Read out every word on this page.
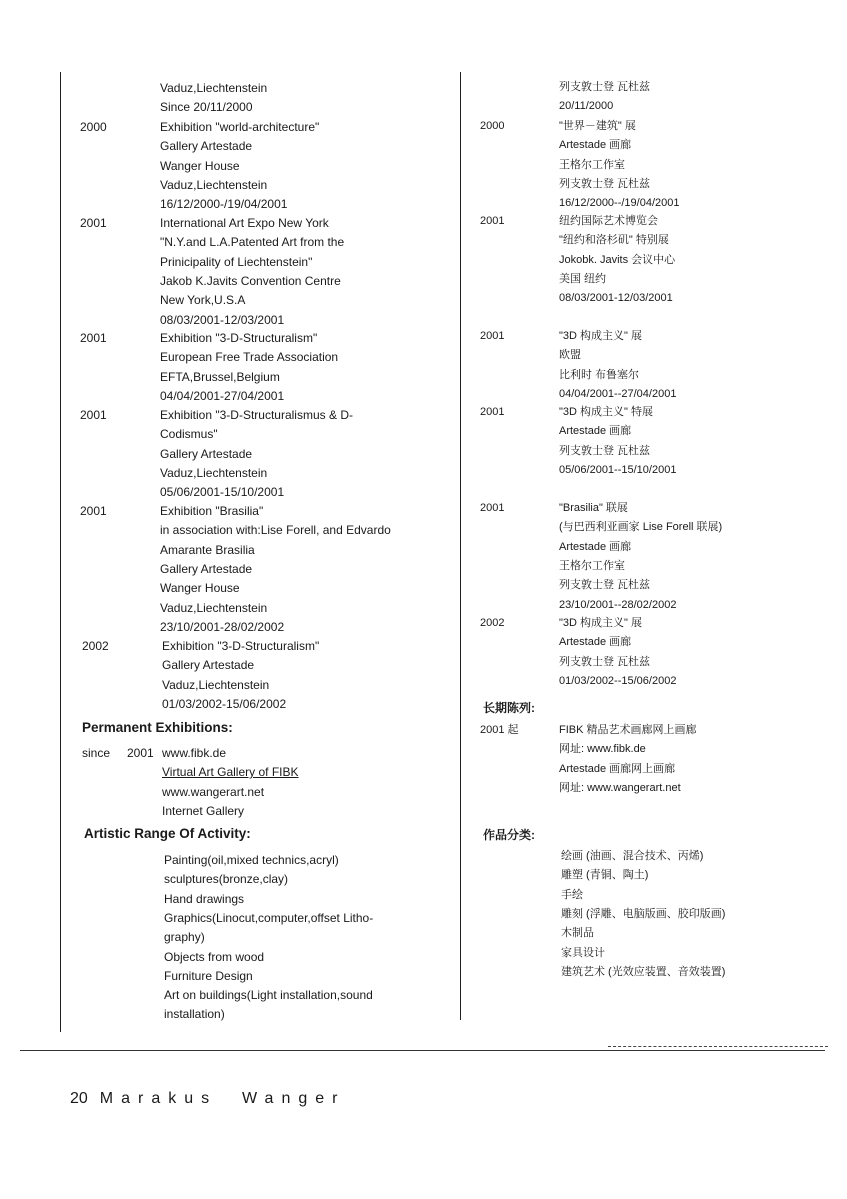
Vaduz,Liechtenstein
Since 20/11/2000
2000	Exhibition "world-architecture"
Gallery Artestade
Wanger House
Vaduz,Liechtenstein
16/12/2000-/19/04/2001
2001	International Art Expo New York
"N.Y.and L.A.Patented Art from the
Prinicipality of Liechtenstein"
Jakob K.Javits Convention Centre
New York,U.S.A
08/03/2001-12/03/2001
2001	Exhibition "3-D-Structuralism"
European Free Trade Association
EFTA,Brussel,Belgium
04/04/2001-27/04/2001
2001	Exhibition "3-D-Structuralismus & D-
Codismus"
Gallery Artestade
Vaduz,Liechtenstein
05/06/2001-15/10/2001
2001	Exhibition "Brasilia"
in association with:Lise Forell, and Edvardo
Amarante Brasilia
Gallery Artestade
Wanger House
Vaduz,Liechtenstein
23/10/2001-28/02/2002
2002	Exhibition "3-D-Structuralism"
Gallery Artestade
Vaduz,Liechtenstein
01/03/2002-15/06/2002
Permanent Exhibitions:
since 2001 www.fibk.de
Virtual Art Gallery of FIBK
www.wangerart.net
Internet Gallery
Artistic Range Of Activity:
Painting(oil,mixed technics,acryl)
sculptures(bronze,clay)
Hand drawings
Graphics(Linocut,computer,offset Litho-
graphy)
Objects from wood
Furniture Design
Art on buildings(Light installation,sound
installation)
列支敦士登 瓦杜兹
20/11/2000
2000	"世界－建筑" 展
Artestade 画廊
王格尔工作室
列支敦士登 瓦杜兹
16/12/2000--/19/04/2001
2001	纽约国际艺术博览会
"纽约和洛杉矶" 特别展
Jokobk. Javits 会议中心
美国 纽约
08/03/2001-12/03/2001
2001	"3D 构成主义" 展
欧盟
比利时 布鲁塞尔
04/04/2001--27/04/2001
2001	"3D 构成主义" 特展
Artestade 画廊
列支敦士登 瓦杜兹
05/06/2001--15/10/2001
2001	"Brasilia" 联展
(与巴西利亚画家 Lise Forell 联展)
Artestade 画廊
王格尔工作室
列支敦士登 瓦杜兹
23/10/2001--28/02/2002
2002	"3D 构成主义" 展
Artestade 画廊
列支敦士登 瓦杜兹
01/03/2002--15/06/2002
长期陈列:
2001 起	FIBK 精品艺术画廊网上画廊
网址: www.fibk.de
Artestade 画廊网上画廊
网址: www.wangerart.net
作品分类:
绘画 (油画、混合技术、丙烯)
雕塑 (青铜、陶土)
手绘
雕刻 (浮雕、电脑版画、胶印版画)
木制品
家具设计
建筑艺术 (光效应装置、音效装置)
20 Marakus  Wanger
